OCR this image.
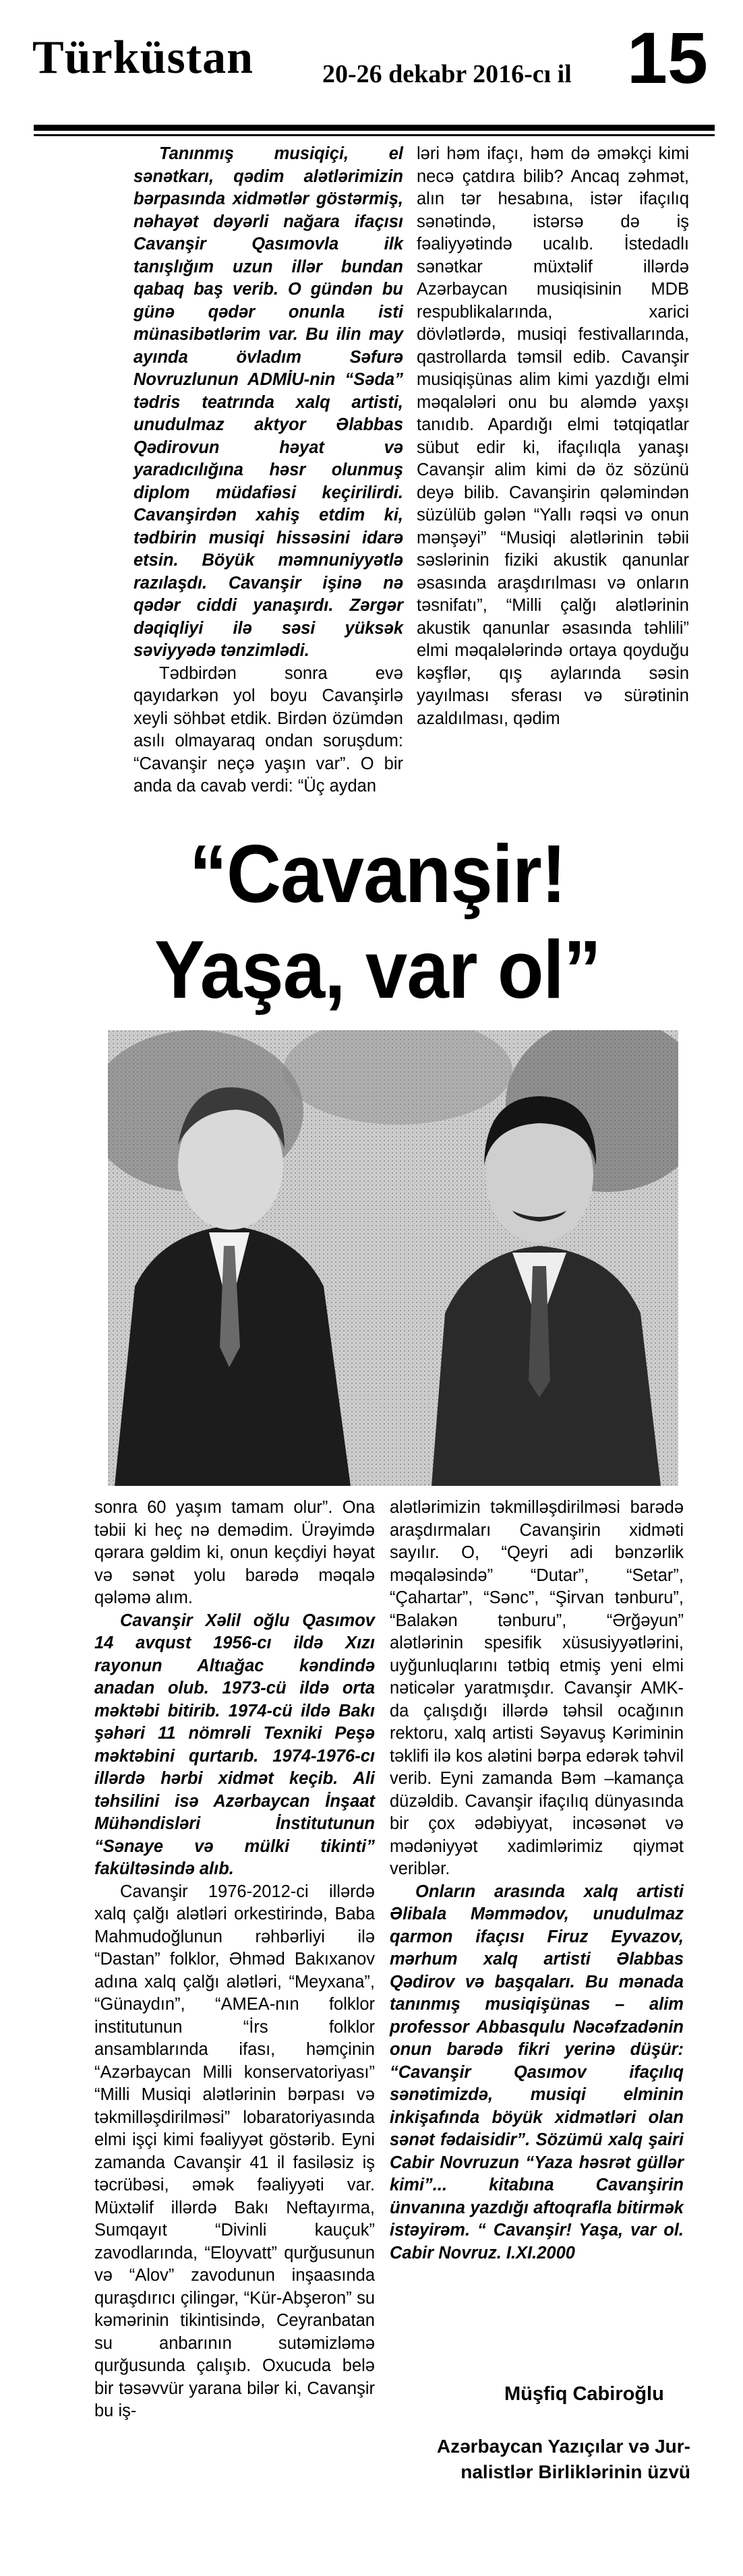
Türküstan	20-26 dekabr 2016-cı il 15

Tanınmış musiqiçi, el sənətkarı, qədim alətlərimizin bərpasında xidmətlər göstərmiş, nəhayət dəyərli nağara ifaçısı Cavanşir Qasımovla ilk tanışlığım uzun illər bundan qabaq baş verib. O gündən bu günə qədər onunla isti münasibətlərim var. Bu ilin may ayında övladım Səfurə Novruzlunun ADMİU-nin “Səda” tədris teatrında xalq artisti, unudulmaz aktyor Əlabbas Qədirovun həyat və yaradıcılığına həsr olunmuş diplom müdafiəsi keçirilirdi. Cavanşirdən xahiş etdim ki, tədbirin musiqi hissəsini idarə etsin. Böyük məmnuniyyətlə razılaşdı. Cavanşir işinə nə qədər ciddi yanaşırdı. Zərgər dəqiqliyi ilə səsi yüksək səviyyədə tənzimlədi.

Tədbirdən sonra evə qayıdarkən yol boyu Cavanşirlə xeyli söhbət etdik. Birdən özümdən asılı olmayaraq ondan soruşdum: “Cavanşir neçə yaşın var”. O bir anda da cavab verdi: “Üç aydan

ləri həm ifaçı, həm də əməkçi kimi necə çatdıra bilib? Ancaq zəhmət, alın tər hesabına, istər ifaçılıq sənətində, istərsə də iş fəaliyyətində ucalıb. İstedadlı sənətkar müxtəlif illərdə Azərbaycan musiqisinin MDB respublikalarında, xarici dövlətlərdə, musiqi festivallarında, qastrollarda təmsil edib. Cavanşir musiqişünas alim kimi yazdığı elmi məqalələri onu bu aləmdə yaxşı tanıdıb. Apardığı elmi tətqiqatlar sübut edir ki, ifaçılıqla yanaşı Cavanşir alim kimi də öz sözünü deyə bilib. Cavanşirin qələmindən süzülüb gələn “Yallı rəqsi və onun mənşəyi” “Musiqi alətlərinin təbii səslərinin fiziki akustik qanunlar əsasında araşdırılması və onların təsnifatı”, “Milli çalğı alətlərinin akustik qanunlar əsasında təhlili” elmi məqalələrində ortaya qoyduğu kəşflər, qış aylarında səsin yayılması sferası və sürətinin azaldılması, qədim

“Cavanşir!
Yaşa, var ol”

sonra 60 yaşım tamam olur”. Ona təbii ki heç nə demədim. Ürəyimdə qərara gəldim ki, onun keçdiyi həyat və sənət yolu barədə məqalə qələmə alım.

Cavanşir Xəlil oğlu Qasımov 14 avqust 1956-cı ildə Xızı rayonun Altıağac kəndində anadan olub. 1973-cü ildə orta məktəbi bitirib. 1974-cü ildə Bakı şəhəri 11 nömrəli Texniki Peşə məktəbini qurtarıb. 1974-1976-cı illərdə hərbi xidmət keçib. Ali təhsilini isə Azərbaycan İnşaat Mühəndisləri İnstitutunun “Sənaye və mülki tikinti” fakültəsində alıb.

Cavanşir 1976-2012-ci illərdə xalq çalğı alətləri orkestirində, Baba Mahmudoğlunun rəhbərliyi ilə “Dastan” folklor, Əhməd Bakıxanov adına xalq çalğı alətləri, “Meyxana”, “Günaydın”, “AMEA-nın folklor institutunun “İrs folklor ansamblarında ifası, həmçinin “Azərbaycan Milli konservatoriyası” “Milli Musiqi alətlərinin bərpası və təkmilləşdirilməsi” lobaratoriyasında elmi işçi kimi fəaliyyət göstərib. Eyni zamanda Cavanşir 41 il fasiləsiz iş təcrübəsi, əmək fəaliyyəti var. Müxtəlif illərdə Bakı Neftayırma, Sumqayıt “Divinli kauçuk” zavodlarında, “Eloyvatt” qurğusunun və “Alov” zavodunun inşaasında quraşdırıcı çilingər, “Kür-Abşeron” su kəmərinin tikintisində, Ceyranbatan su anbarının sutəmizləmə qurğusunda çalışıb. Oxucuda belə bir təsəvvür yarana bilər ki, Cavanşir bu iş-

alətlərimizin təkmilləşdirilməsi barədə araşdırmaları Cavanşirin xidməti sayılır. O, “Qeyri adi bənzərlik məqaləsində” “Dutar”, “Setar”, “Çahartar”, “Sənc”, “Şirvan tənburu”, “Balakən tənburu”, “Ərğəyun” alətlərinin spesifik xüsusiyyətlərini, uyğunluqlarını tətbiq etmiş yeni elmi nəticələr yaratmışdır. Cavanşir AMK-da çalışdığı illərdə təhsil ocağının rektoru, xalq artisti Səyavuş Kəriminin təklifi ilə kos alətini bərpa edərək təhvil verib. Eyni zamanda Bəm –kamança düzəldib. Cavanşir ifaçılıq dünyasında bir çox ədəbiyyat, incəsənət və mədəniyyət xadimlərimiz qiymət veriblər.

Onların arasında xalq artisti Əlibala Məmmədov, unudulmaz qarmon ifaçısı Firuz Eyvazov, mərhum xalq artisti Əlabbas Qədirov və başqaları. Bu mənada tanınmış musiqişünas – alim professor Abbasqulu Nəcəfzadənin onun barədə fikri yerinə düşür: “Cavanşir Qasımov ifaçılıq sənətimizdə, musiqi elminin inkişafında böyük xidmətləri olan sənət fədaisidir”. Sözümü xalq şairi Cabir Novruzun “Yaza həsrət güllər kimi”... kitabına Cavanşirin ünvanına yazdığı aftoqrafla bitirmək istəyirəm. “ Cavanşir! Yaşa, var ol. Cabir Novruz. I.XI.2000

Müşfiq Cabiroğlu
Azərbaycan Yazıçılar və Jur-
nalistlər Birliklərinin üzvü
